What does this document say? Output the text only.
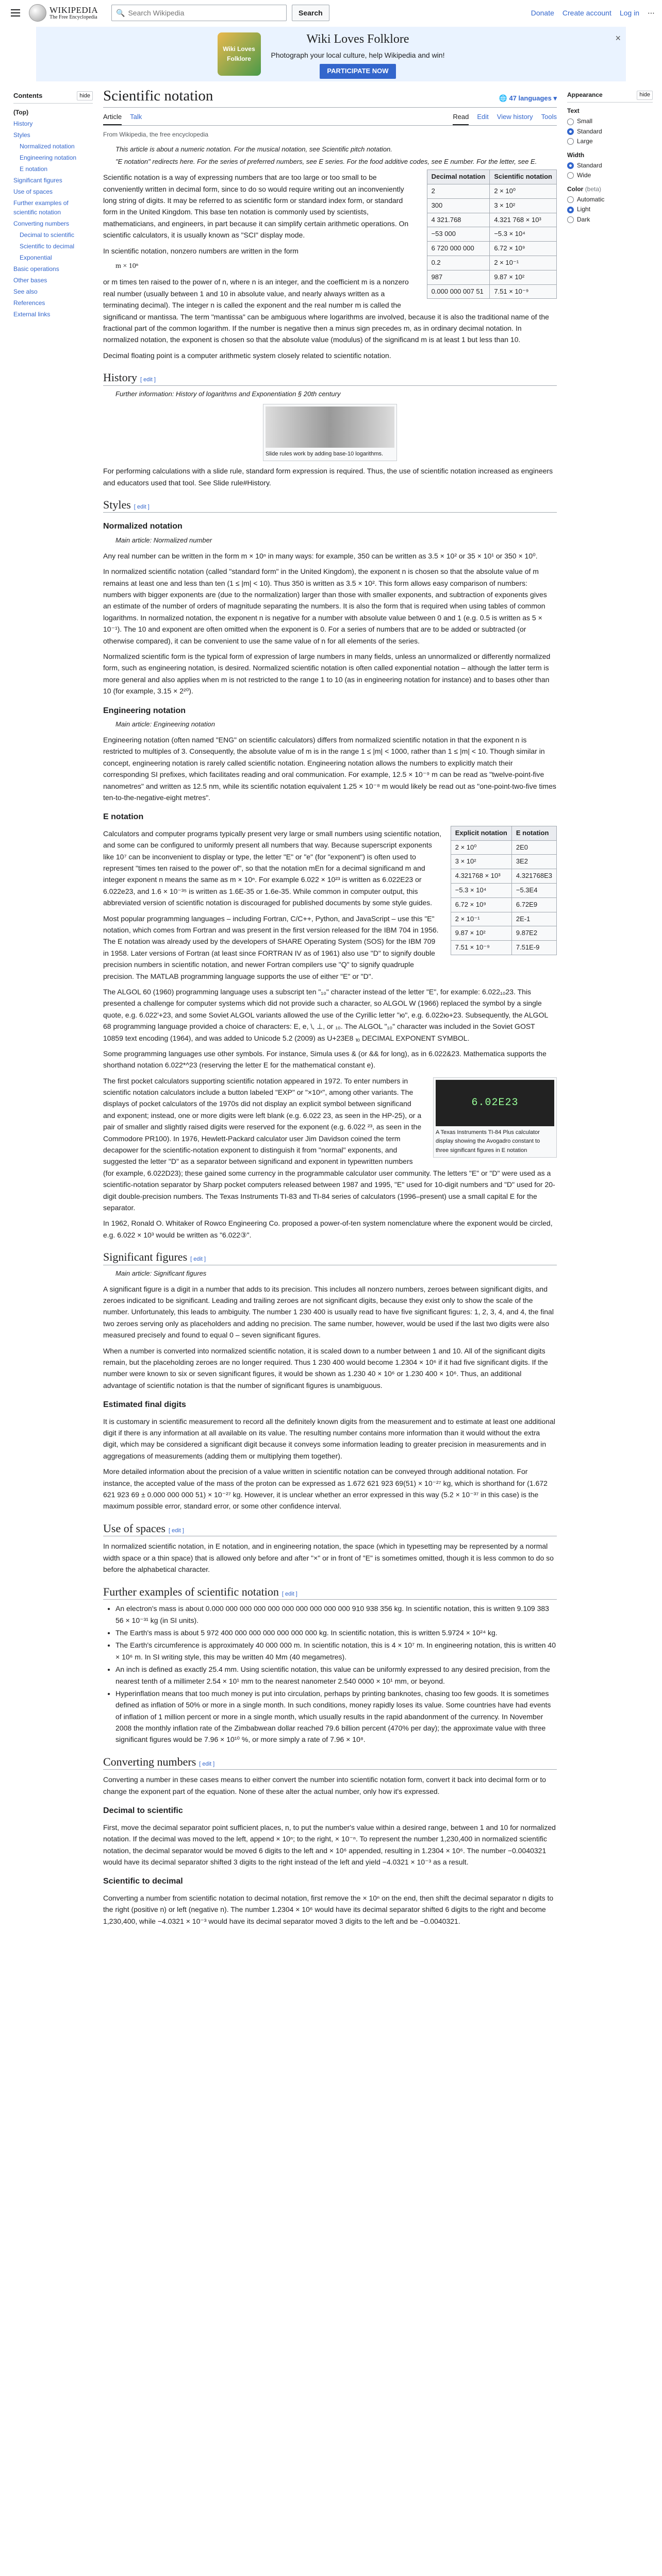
WIKIPEDIA
The Free Encyclopedia
🔍
Search Wikipedia	Search	Donate Create account Log in ⋯
Wiki Loves Folklore
Wiki Loves Folklore
Photograph your local culture, help Wikipedia and win!
PARTICIPATE NOW
×
Contents	hide
(Top)
History
Styles
Normalized notation
Engineering notation
E notation
Significant figures
Use of spaces
Further examples of scientific notation
Converting numbers
Decimal to scientific
Scientific to decimal
Exponential
Basic operations
Other bases
See also
References
External links
Scientific notation	🌐 47 languages ▾
Article Talk	Read Edit View history Tools
From Wikipedia, the free encyclopedia
This article is about a numeric notation. For the musical notation, see Scientific pitch notation.
"E notation" redirects here. For the series of preferred numbers, see E series. For the food additive codes, see E number. For the letter, see E.
Decimal notation	Scientific notation
2	2 × 10⁰
300	3 × 10²
4 321.768	4.321 768 × 10³
−53 000	−5.3 × 10⁴
6 720 000 000	6.72 × 10⁹
0.2	2 × 10⁻¹
987	9.87 × 10²
0.000 000 007 51	7.51 × 10⁻⁹

Scientific notation is a way of expressing numbers that are too large or too small to be conveniently written in decimal form, since to do so would require writing out an inconveniently long string of digits. It may be referred to as scientific form or standard index form, or standard form in the United Kingdom. This base ten notation is commonly used by scientists, mathematicians, and engineers, in part because it can simplify certain arithmetic operations. On scientific calculators, it is usually known as "SCI" display mode.

In scientific notation, nonzero numbers are written in the form

m × 10ⁿ

or m times ten raised to the power of n, where n is an integer, and the coefficient m is a nonzero real number (usually between 1 and 10 in absolute value, and nearly always written as a terminating decimal). The integer n is called the exponent and the real number m is called the significand or mantissa. The term "mantissa" can be ambiguous where logarithms are involved, because it is also the traditional name of the fractional part of the common logarithm. If the number is negative then a minus sign precedes m, as in ordinary decimal notation. In normalized notation, the exponent is chosen so that the absolute value (modulus) of the significand m is at least 1 but less than 10.

Decimal floating point is a computer arithmetic system closely related to scientific notation.

History [ edit ]
Further information: History of logarithms and Exponentiation § 20th century
Slide rules work by adding base-10 logarithms.

For performing calculations with a slide rule, standard form expression is required. Thus, the use of scientific notation increased as engineers and educators used that tool. See Slide rule#History.

Styles [ edit ]
Normalized notation
Main article: Normalized number

Any real number can be written in the form m × 10ⁿ in many ways: for example, 350 can be written as 3.5 × 10² or 35 × 10¹ or 350 × 10⁰.

In normalized scientific notation (called "standard form" in the United Kingdom), the exponent n is chosen so that the absolute value of m remains at least one and less than ten (1 ≤ |m| < 10). Thus 350 is written as 3.5 × 10². This form allows easy comparison of numbers: numbers with bigger exponents are (due to the normalization) larger than those with smaller exponents, and subtraction of exponents gives an estimate of the number of orders of magnitude separating the numbers. It is also the form that is required when using tables of common logarithms. In normalized notation, the exponent n is negative for a number with absolute value between 0 and 1 (e.g. 0.5 is written as 5 × 10⁻¹). The 10 and exponent are often omitted when the exponent is 0. For a series of numbers that are to be added or subtracted (or otherwise compared), it can be convenient to use the same value of n for all elements of the series.

Normalized scientific form is the typical form of expression of large numbers in many fields, unless an unnormalized or differently normalized form, such as engineering notation, is desired. Normalized scientific notation is often called exponential notation – although the latter term is more general and also applies when m is not restricted to the range 1 to 10 (as in engineering notation for instance) and to bases other than 10 (for example, 3.15 × 2²⁰).

Engineering notation
Main article: Engineering notation

Engineering notation (often named "ENG" on scientific calculators) differs from normalized scientific notation in that the exponent n is restricted to multiples of 3. Consequently, the absolute value of m is in the range 1 ≤ |m| < 1000, rather than 1 ≤ |m| < 10. Though similar in concept, engineering notation is rarely called scientific notation. Engineering notation allows the numbers to explicitly match their corresponding SI prefixes, which facilitates reading and oral communication. For example, 12.5 × 10⁻⁹ m can be read as "twelve-point-five nanometres" and written as 12.5 nm, while its scientific notation equivalent 1.25 × 10⁻⁸ m would likely be read out as "one-point-two-five times ten-to-the-negative-eight metres".

E notation
Explicit notation	E notation
2 × 10⁰	2E0
3 × 10²	3E2
4.321768 × 10³	4.321768E3
−5.3 × 10⁴	−5.3E4
6.72 × 10⁹	6.72E9
2 × 10⁻¹	2E-1
9.87 × 10²	9.87E2
7.51 × 10⁻⁹	7.51E-9

Calculators and computer programs typically present very large or small numbers using scientific notation, and some can be configured to uniformly present all numbers that way. Because superscript exponents like 10⁷ can be inconvenient to display or type, the letter "E" or "e" (for "exponent") is often used to represent "times ten raised to the power of", so that the notation mEn for a decimal significand m and integer exponent n means the same as m × 10ⁿ. For example 6.022 × 10²³ is written as 6.022E23 or 6.022e23, and 1.6 × 10⁻³⁵ is written as 1.6E-35 or 1.6e-35. While common in computer output, this abbreviated version of scientific notation is discouraged for published documents by some style guides.

Most popular programming languages – including Fortran, C/C++, Python, and JavaScript – use this "E" notation, which comes from Fortran and was present in the first version released for the IBM 704 in 1956. The E notation was already used by the developers of SHARE Operating System (SOS) for the IBM 709 in 1958. Later versions of Fortran (at least since FORTRAN IV as of 1961) also use "D" to signify double precision numbers in scientific notation, and newer Fortran compilers use "Q" to signify quadruple precision. The MATLAB programming language supports the use of either "E" or "D".

The ALGOL 60 (1960) programming language uses a subscript ten "₁₀" character instead of the letter "E", for example: 6.022₁₀23. This presented a challenge for computer systems which did not provide such a character, so ALGOL W (1966) replaced the symbol by a single quote, e.g. 6.022'+23, and some Soviet ALGOL variants allowed the use of the Cyrillic letter "ю", e.g. 6.022ю+23. Subsequently, the ALGOL 68 programming language provided a choice of characters: E, e, \, ⊥, or ₁₀. The ALGOL "₁₀" character was included in the Soviet GOST 10859 text encoding (1964), and was added to Unicode 5.2 (2009) as U+23E8 ⏨ DECIMAL EXPONENT SYMBOL.

Some programming languages use other symbols. For instance, Simula uses & (or && for long), as in 6.022&23. Mathematica supports the shorthand notation 6.022*^23 (reserving the letter E for the mathematical constant e).

6.02E23
A Texas Instruments TI-84 Plus calculator display showing the Avogadro constant to three significant figures in E notation

The first pocket calculators supporting scientific notation appeared in 1972. To enter numbers in scientific notation calculators include a button labeled "EXP" or "×10ˣ", among other variants. The displays of pocket calculators of the 1970s did not display an explicit symbol between significand and exponent; instead, one or more digits were left blank (e.g. 6.022 23, as seen in the HP-25), or a pair of smaller and slightly raised digits were reserved for the exponent (e.g. 6.022 ²³, as seen in the Commodore PR100). In 1976, Hewlett-Packard calculator user Jim Davidson coined the term decapower for the scientific-notation exponent to distinguish it from "normal" exponents, and suggested the letter "D" as a separator between significand and exponent in typewritten numbers (for example, 6.022D23); these gained some currency in the programmable calculator user community. The letters "E" or "D" were used as a scientific-notation separator by Sharp pocket computers released between 1987 and 1995, "E" used for 10-digit numbers and "D" used for 20-digit double-precision numbers. The Texas Instruments TI-83 and TI-84 series of calculators (1996–present) use a small capital E for the separator.

In 1962, Ronald O. Whitaker of Rowco Engineering Co. proposed a power-of-ten system nomenclature where the exponent would be circled, e.g. 6.022 × 10³ would be written as "6.022③".

Significant figures [ edit ]
Main article: Significant figures

A significant figure is a digit in a number that adds to its precision. This includes all nonzero numbers, zeroes between significant digits, and zeroes indicated to be significant. Leading and trailing zeroes are not significant digits, because they exist only to show the scale of the number. Unfortunately, this leads to ambiguity. The number 1 230 400 is usually read to have five significant figures: 1, 2, 3, 4, and 4, the final two zeroes serving only as placeholders and adding no precision. The same number, however, would be used if the last two digits were also measured precisely and found to equal 0 – seven significant figures.

When a number is converted into normalized scientific notation, it is scaled down to a number between 1 and 10. All of the significant digits remain, but the placeholding zeroes are no longer required. Thus 1 230 400 would become 1.2304 × 10⁶ if it had five significant digits. If the number were known to six or seven significant figures, it would be shown as 1.230 40 × 10⁶ or 1.230 400 × 10⁶. Thus, an additional advantage of scientific notation is that the number of significant figures is unambiguous.

Estimated final digits

It is customary in scientific measurement to record all the definitely known digits from the measurement and to estimate at least one additional digit if there is any information at all available on its value. The resulting number contains more information than it would without the extra digit, which may be considered a significant digit because it conveys some information leading to greater precision in measurements and in aggregations of measurements (adding them or multiplying them together).

More detailed information about the precision of a value written in scientific notation can be conveyed through additional notation. For instance, the accepted value of the mass of the proton can be expressed as 1.672 621 923 69(51) × 10⁻²⁷ kg, which is shorthand for (1.672 621 923 69 ± 0.000 000 000 51) × 10⁻²⁷ kg. However, it is unclear whether an error expressed in this way (5.2 × 10⁻³⁷ in this case) is the maximum possible error, standard error, or some other confidence interval.

Use of spaces [ edit ]

In normalized scientific notation, in E notation, and in engineering notation, the space (which in typesetting may be represented by a normal width space or a thin space) that is allowed only before and after "×" or in front of "E" is sometimes omitted, though it is less common to do so before the alphabetical character.

Further examples of scientific notation [ edit ]
• An electron's mass is about 0.000 000 000 000 000 000 000 000 000 000 910 938 356 kg. In scientific notation, this is written 9.109 383 56 × 10⁻³¹ kg (in SI units).
• The Earth's mass is about 5 972 400 000 000 000 000 000 000 kg. In scientific notation, this is written 5.9724 × 10²⁴ kg.
• The Earth's circumference is approximately 40 000 000 m. In scientific notation, this is 4 × 10⁷ m. In engineering notation, this is written 40 × 10⁶ m. In SI writing style, this may be written 40 Mm (40 megametres).
• An inch is defined as exactly 25.4 mm. Using scientific notation, this value can be uniformly expressed to any desired precision, from the nearest tenth of a millimeter 2.54 × 10¹ mm to the nearest nanometer 2.540 0000 × 10¹ mm, or beyond.
• Hyperinflation means that too much money is put into circulation, perhaps by printing banknotes, chasing too few goods. It is sometimes defined as inflation of 50% or more in a single month. In such conditions, money rapidly loses its value. Some countries have had events of inflation of 1 million percent or more in a single month, which usually results in the rapid abandonment of the currency. In November 2008 the monthly inflation rate of the Zimbabwean dollar reached 79.6 billion percent (470% per day); the approximate value with three significant figures would be 7.96 × 10¹⁰ %, or more simply a rate of 7.96 × 10⁸.
Converting numbers [ edit ]

Converting a number in these cases means to either convert the number into scientific notation form, convert it back into decimal form or to change the exponent part of the equation. None of these alter the actual number, only how it's expressed.

Decimal to scientific

First, move the decimal separator point sufficient places, n, to put the number's value within a desired range, between 1 and 10 for normalized notation. If the decimal was moved to the left, append × 10ⁿ; to the right, × 10⁻ⁿ. To represent the number 1,230,400 in normalized scientific notation, the decimal separator would be moved 6 digits to the left and × 10⁶ appended, resulting in 1.2304 × 10⁶. The number −0.0040321 would have its decimal separator shifted 3 digits to the right instead of the left and yield −4.0321 × 10⁻³ as a result.

Scientific to decimal

Converting a number from scientific notation to decimal notation, first remove the × 10ⁿ on the end, then shift the decimal separator n digits to the right (positive n) or left (negative n). The number 1.2304 × 10⁶ would have its decimal separator shifted 6 digits to the right and become 1,230,400, while −4.0321 × 10⁻³ would have its decimal separator moved 3 digits to the left and be −0.0040321.

Appearance	hide
Text
Small
Standard
Large
Width
Standard
Wide
Color (beta)
Automatic
Light
Dark
